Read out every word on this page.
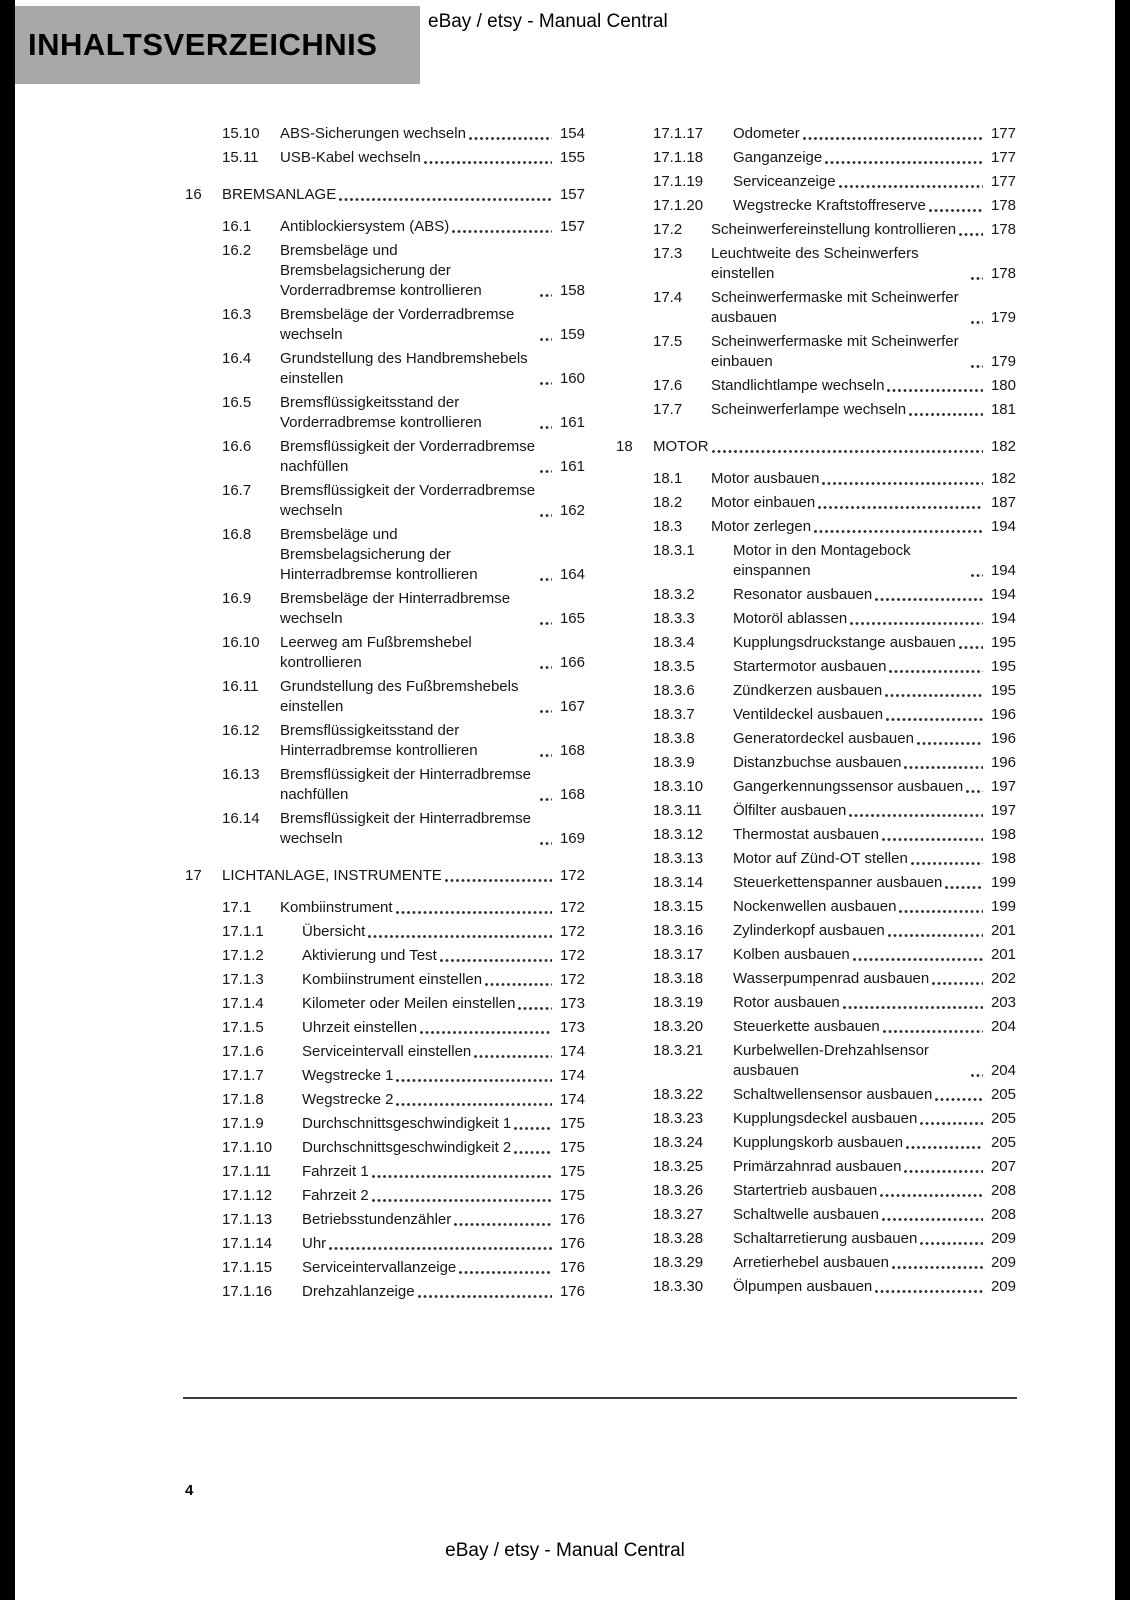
INHALTSVERZEICHNIS
eBay / etsy - Manual Central
15.10	ABS-Sicherungen wechseln	154
15.11	USB-Kabel wechseln	155
16	BREMSANLAGE	157
16.1	Antiblockiersystem (ABS)	157
16.2	Bremsbeläge und Bremsbelagsicherung der Vorderradbremse kontrollieren	158
16.3	Bremsbeläge der Vorderradbremse wechseln	159
16.4	Grundstellung des Handbremshebels einstellen	160
16.5	Bremsflüssigkeitsstand der Vorderradbremse kontrollieren	161
16.6	Bremsflüssigkeit der Vorderradbremse nachfüllen	161
16.7	Bremsflüssigkeit der Vorderradbremse wechseln	162
16.8	Bremsbeläge und Bremsbelagsicherung der Hinterradbremse kontrollieren	164
16.9	Bremsbeläge der Hinterradbremse wechseln	165
16.10	Leerweg am Fußbremshebel kontrollieren	166
16.11	Grundstellung des Fußbremshebels einstellen	167
16.12	Bremsflüssigkeitsstand der Hinterradbremse kontrollieren	168
16.13	Bremsflüssigkeit der Hinterradbremse nachfüllen	168
16.14	Bremsflüssigkeit der Hinterradbremse wechseln	169
17	LICHTANLAGE, INSTRUMENTE	172
17.1	Kombiinstrument	172
17.1.1	Übersicht	172
17.1.2	Aktivierung und Test	172
17.1.3	Kombiinstrument einstellen	172
17.1.4	Kilometer oder Meilen einstellen	173
17.1.5	Uhrzeit einstellen	173
17.1.6	Serviceintervall einstellen	174
17.1.7	Wegstrecke 1	174
17.1.8	Wegstrecke 2	174
17.1.9	Durchschnittsgeschwindigkeit 1	175
17.1.10	Durchschnittsgeschwindigkeit 2	175
17.1.11	Fahrzeit 1	175
17.1.12	Fahrzeit 2	175
17.1.13	Betriebsstundenzähler	176
17.1.14	Uhr	176
17.1.15	Serviceintervallanzeige	176
17.1.16	Drehzahlanzeige	176
17.1.17	Odometer	177
17.1.18	Ganganzeige	177
17.1.19	Serviceanzeige	177
17.1.20	Wegstrecke Kraftstoffreserve	178
17.2	Scheinwerfereinstellung kontrollieren	178
17.3	Leuchtweite des Scheinwerfers einstellen	178
17.4	Scheinwerfermaske mit Scheinwerfer ausbauen	179
17.5	Scheinwerfermaske mit Scheinwerfer einbauen	179
17.6	Standlichtlampe wechseln	180
17.7	Scheinwerferlampe wechseln	181
18	MOTOR	182
18.1	Motor ausbauen	182
18.2	Motor einbauen	187
18.3	Motor zerlegen	194
18.3.1	Motor in den Montagebock einspannen	194
18.3.2	Resonator ausbauen	194
18.3.3	Motoröl ablassen	194
18.3.4	Kupplungsdruckstange ausbauen	195
18.3.5	Startermotor ausbauen	195
18.3.6	Zündkerzen ausbauen	195
18.3.7	Ventildeckel ausbauen	196
18.3.8	Generatordeckel ausbauen	196
18.3.9	Distanzbuchse ausbauen	196
18.3.10	Gangerkennungssensor ausbauen	197
18.3.11	Ölfilter ausbauen	197
18.3.12	Thermostat ausbauen	198
18.3.13	Motor auf Zünd-OT stellen	198
18.3.14	Steuerkettenspanner ausbauen	199
18.3.15	Nockenwellen ausbauen	199
18.3.16	Zylinderkopf ausbauen	201
18.3.17	Kolben ausbauen	201
18.3.18	Wasserpumpenrad ausbauen	202
18.3.19	Rotor ausbauen	203
18.3.20	Steuerkette ausbauen	204
18.3.21	Kurbelwellen-Drehzahlsensor ausbauen	204
18.3.22	Schaltwellensensor ausbauen	205
18.3.23	Kupplungsdeckel ausbauen	205
18.3.24	Kupplungskorb ausbauen	205
18.3.25	Primärzahnrad ausbauen	207
18.3.26	Startertrieb ausbauen	208
18.3.27	Schaltwelle ausbauen	208
18.3.28	Schaltarretierung ausbauen	209
18.3.29	Arretierhebel ausbauen	209
18.3.30	Ölpumpen ausbauen	209
4
eBay / etsy - Manual Central
